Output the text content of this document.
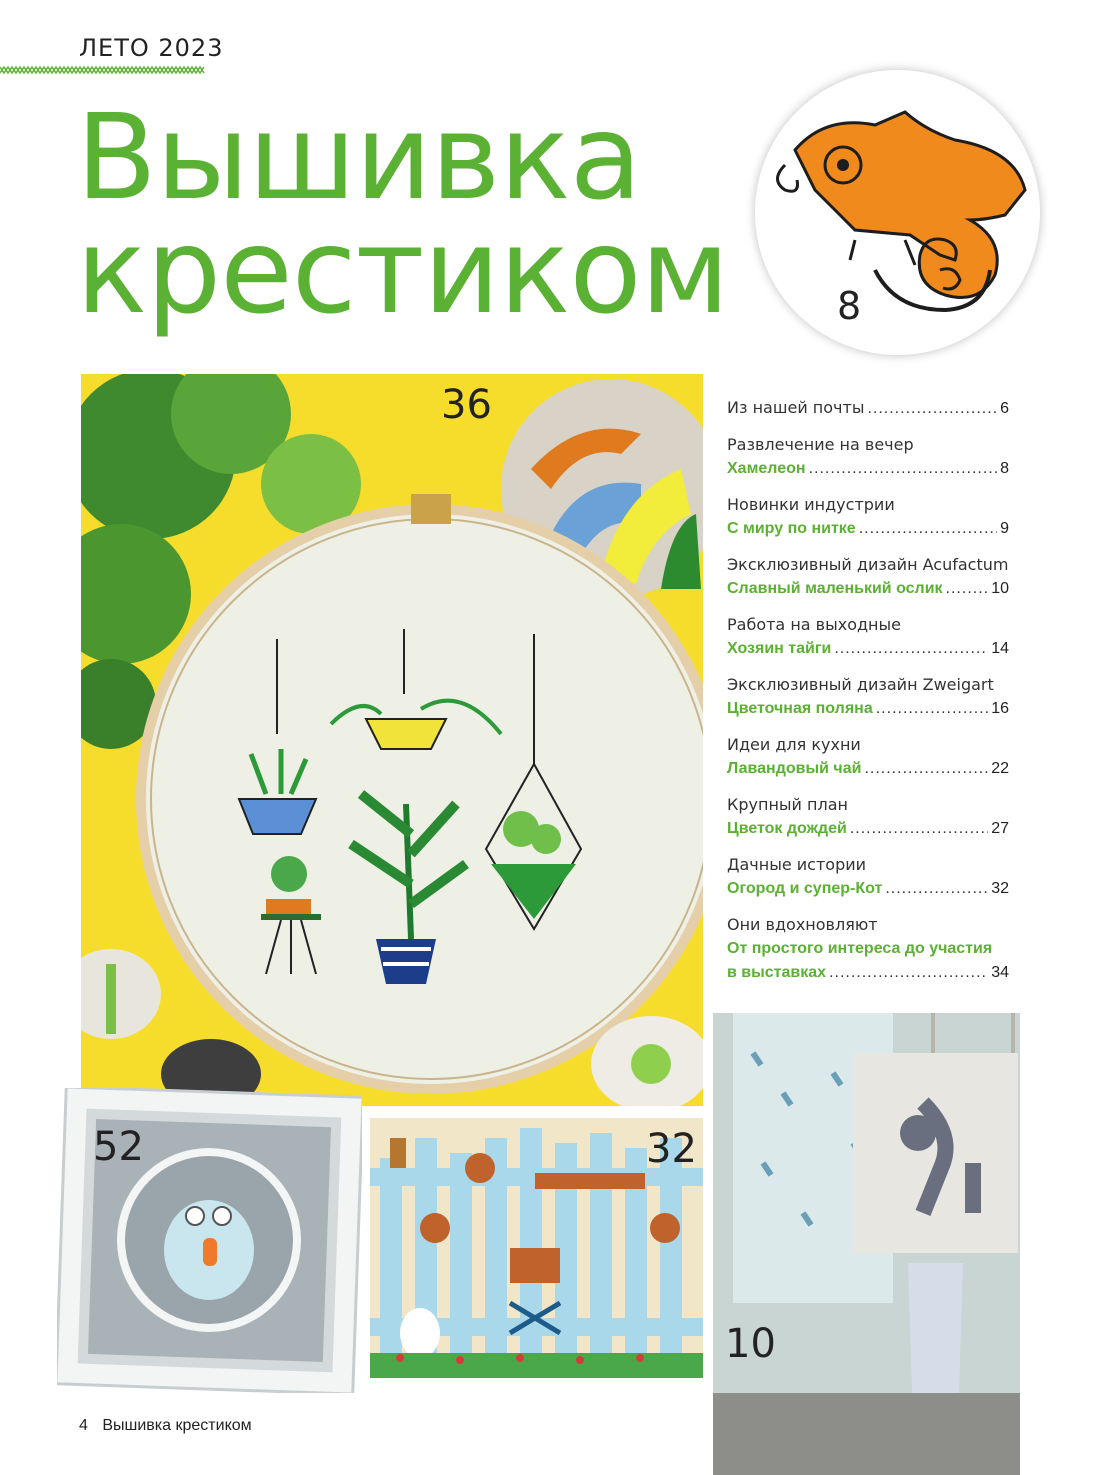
ЛЕТО 2023
Вышивка
крестиком	8
36	Из нашей почты .....	6
Развлечение на вечер
Хамелеон .....	8
Новинки индустрии
С миру по нитке .....	9
Эксклюзивный дизайн Acufactum
Славный маленький ослик .....	10
Работа на выходные
Хозяин тайги .....	14
Эксклюзивный дизайн Zweigart
Цветочная поляна .....	16
Идеи для кухни
Лавандовый чай .....	22
Крупный план
Цветок дождей .....	27
Дачные истории
Огород и супер-Кот .....	32
Они вдохновляют
От простого интереса до участия
в выставках .....	34
52	32
10
4 Вышивка крестиком
